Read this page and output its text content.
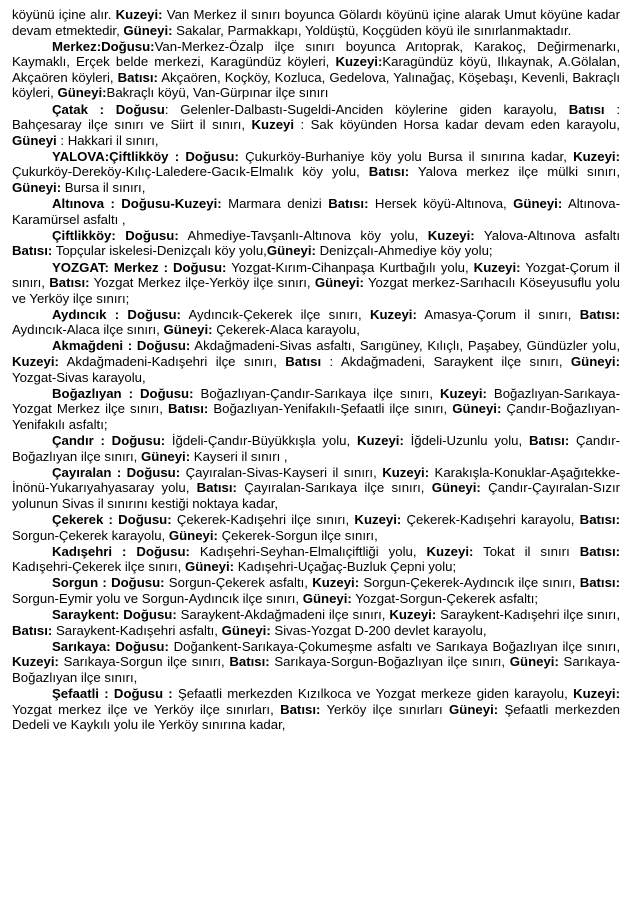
köyünü içine alır. Kuzeyi: Van Merkez il sınırı boyunca Gölardı köyünü içine alarak Umut köyüne kadar devam etmektedir, Güneyi: Sakalar, Parmakkapı, Yoldüştü, Koçgüden köyü ile sınırlanmaktadır.

Merkez:Doğusu:Van-Merkez-Özalp ilçe sınırı boyunca Arıtoprak, Karakoç, Değirmenarkı, Kaymaklı, Erçek belde merkezi, Karagündüz köyleri, Kuzeyi:Karagündüz köyü, Ilıkaynak, A.Gölalan, Akçaören köyleri, Batısı: Akçaören, Koçköy, Kozluca, Gedelova, Yalınağaç, Köşebaşı, Kevenli, Bakraçlı köyleri, Güneyi:Bakraçlı köyü, Van-Gürpınar ilçe sınırı

Çatak : Doğusu: Gelenler-Dalbastı-Sugeldi-Anciden köylerine giden karayolu, Batısı : Bahçesaray ilçe sınırı ve Siirt il sınırı, Kuzeyi : Sak köyünden Horsa kadar devam eden karayolu, Güneyi : Hakkari il sınırı,

YALOVA:Çiftlikköy : Doğusu: Çukurköy-Burhaniye köy yolu Bursa il sınırına kadar, Kuzeyi: Çukurköy-Dereköy-Kılıç-Laledere-Gacık-Elmalık köy yolu, Batısı: Yalova merkez ilçe mülki sınırı, Güneyi: Bursa il sınırı,

Altınova : Doğusu-Kuzeyi: Marmara denizi Batısı: Hersek köyü-Altınova, Güneyi: Altınova-Karamürsel asfaltı ,

Çiftlikköy: Doğusu: Ahmediye-Tavşanlı-Altınova köy yolu, Kuzeyi: Yalova-Altınova asfaltı Batısı: Topçular iskelesi-Denizçalı köy yolu,Güneyi: Denizçalı-Ahmediye köy yolu;

YOZGAT: Merkez : Doğusu: Yozgat-Kırım-Cihanpaşa Kurtbağılı yolu, Kuzeyi: Yozgat-Çorum il sınırı, Batısı: Yozgat Merkez ilçe-Yerköy ilçe sınırı, Güneyi: Yozgat merkez-Sarıhacılı Köseyusuflu yolu ve Yerköy ilçe sınırı;

Aydıncık : Doğusu: Aydıncık-Çekerek ilçe sınırı, Kuzeyi: Amasya-Çorum il sınırı, Batısı: Aydıncık-Alaca ilçe sınırı, Güneyi: Çekerek-Alaca karayolu,

Akmağdeni : Doğusu: Akdağmadeni-Sivas asfaltı, Sarıgüney, Kılıçlı, Paşabey, Gündüzler yolu, Kuzeyi: Akdağmadeni-Kadışehri ilçe sınırı, Batısı : Akdağmadeni, Saraykent ilçe sınırı, Güneyi: Yozgat-Sivas karayolu,

Boğazlıyan : Doğusu: Boğazlıyan-Çandır-Sarıkaya ilçe sınırı, Kuzeyi: Boğazlıyan-Sarıkaya-Yozgat Merkez ilçe sınırı, Batısı: Boğazlıyan-Yenifakılı-Şefaatli ilçe sınırı, Güneyi: Çandır-Boğazlıyan-Yenifakılı asfaltı;

Çandır : Doğusu: İğdeli-Çandır-Büyükkışla yolu, Kuzeyi: İğdeli-Uzunlu yolu, Batısı: Çandır-Boğazlıyan ilçe sınırı, Güneyi: Kayseri il sınırı ,

Çayıralan : Doğusu: Çayıralan-Sivas-Kayseri il sınırı, Kuzeyi: Karakışla-Konuklar-Aşağıtekke-İnönü-Yukarıyahyasaray yolu, Batısı: Çayıralan-Sarıkaya ilçe sınırı, Güneyi: Çandır-Çayıralan-Sızır yolunun Sivas il sınırını kestiği noktaya kadar,

Çekerek : Doğusu: Çekerek-Kadışehri ilçe sınırı, Kuzeyi: Çekerek-Kadışehri karayolu, Batısı: Sorgun-Çekerek karayolu, Güneyi: Çekerek-Sorgun ilçe sınırı,

Kadışehri : Doğusu: Kadışehri-Seyhan-Elmalıçiftliği yolu, Kuzeyi: Tokat il sınırı Batısı: Kadışehri-Çekerek ilçe sınırı, Güneyi: Kadışehri-Uçağaç-Buzluk Çepni yolu;

Sorgun : Doğusu: Sorgun-Çekerek asfaltı, Kuzeyi: Sorgun-Çekerek-Aydıncık ilçe sınırı, Batısı: Sorgun-Eymir yolu ve Sorgun-Aydıncık ilçe sınırı, Güneyi: Yozgat-Sorgun-Çekerek asfaltı;

Saraykent: Doğusu: Saraykent-Akdağmadeni ilçe sınırı, Kuzeyi: Saraykent-Kadışehri ilçe sınırı, Batısı: Saraykent-Kadışehri asfaltı, Güneyi: Sivas-Yozgat D-200 devlet karayolu,

Sarıkaya: Doğusu: Doğankent-Sarıkaya-Çokumeşme asfaltı ve Sarıkaya Boğazlıyan ilçe sınırı, Kuzeyi: Sarıkaya-Sorgun ilçe sınırı, Batısı: Sarıkaya-Sorgun-Boğazlıyan ilçe sınırı, Güneyi: Sarıkaya-Boğazlıyan ilçe sınırı,

Şefaatli : Doğusu : Şefaatli merkezden Kızılkoca ve Yozgat merkeze giden karayolu, Kuzeyi: Yozgat merkez ilçe ve Yerköy ilçe sınırları, Batısı: Yerköy ilçe sınırları Güneyi: Şefaatli merkezden Dedeli ve Kaykılı yolu ile Yerköy sınırına kadar,
